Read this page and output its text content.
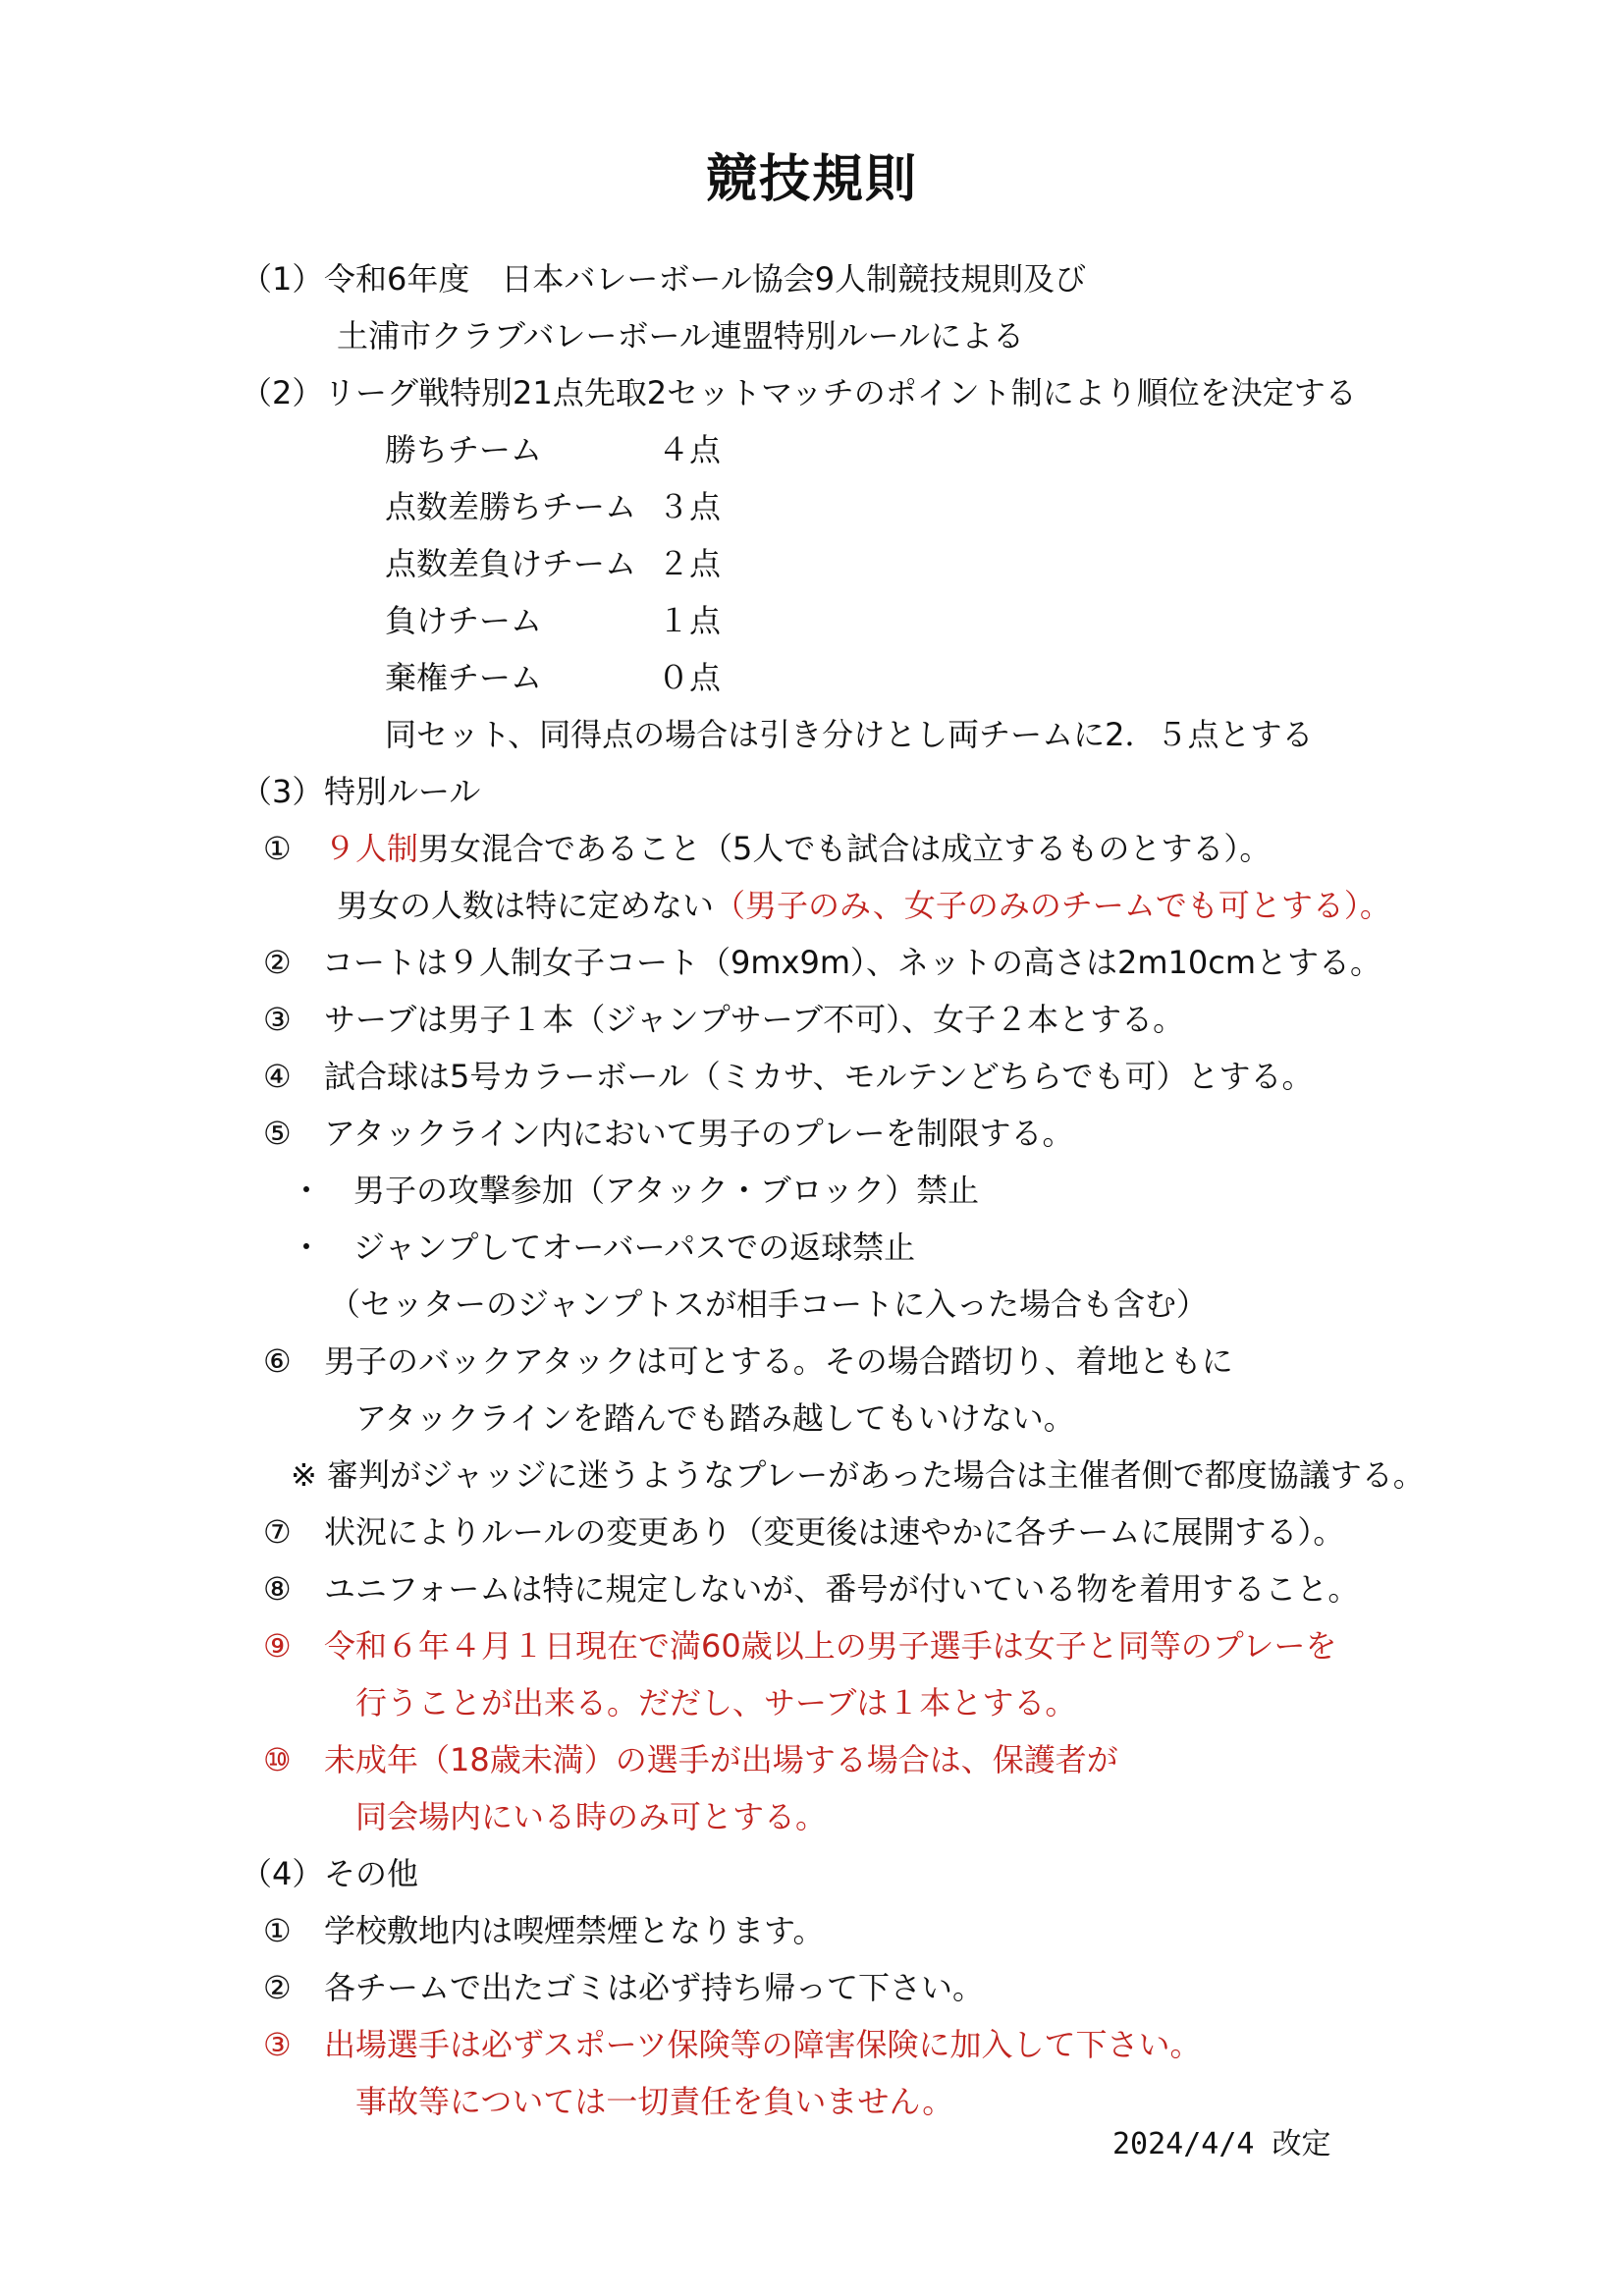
競技規則
（1） 令和6年度　日本バレーボール協会9人制競技規則及び
土浦市クラブバレーボール連盟特別ルールによる
（2） リーグ戦特別21点先取2セットマッチのポイント制により順位を決定する
勝ちチーム	４点
点数差勝ちチーム ３点
点数差負けチーム ２点
負けチーム	１点
棄権チーム	０点
同セット、同得点の場合は引き分けとし両チームに2．５点とする
（3） 特別ルール
① ９人制男女混合であること（5人でも試合は成立するものとする）。
男女の人数は特に定めない（男子のみ、女子のみのチームでも可とする）。
② コートは９人制女子コート（9mx9m）、ネットの高さは2m10cmとする。
③ サーブは男子１本（ジャンプサーブ不可）、女子２本とする。
④ 試合球は5号カラーボール（ミカサ、モルテンどちらでも可）とする。
⑤ アタックライン内において男子のプレーを制限する。
・　男子の攻撃参加（アタック・ブロック）禁止
・　ジャンプしてオーバーパスでの返球禁止
（セッターのジャンプトスが相手コートに入った場合も含む）
⑥ 男子のバックアタックは可とする。その場合踏切り、着地ともに
アタックラインを踏んでも踏み越してもいけない。
※ 審判がジャッジに迷うようなプレーがあった場合は主催者側で都度協議する。
⑦ 状況によりルールの変更あり（変更後は速やかに各チームに展開する）。
⑧ ユニフォームは特に規定しないが、番号が付いている物を着用すること。
⑨ 令和６年４月１日現在で満60歳以上の男子選手は女子と同等のプレーを
行うことが出来る。だだし、サーブは１本とする。
⑩ 未成年（18歳未満）の選手が出場する場合は、保護者が
同会場内にいる時のみ可とする。
（4） その他
① 学校敷地内は喫煙禁煙となります。
② 各チームで出たゴミは必ず持ち帰って下さい。
③ 出場選手は必ずスポーツ保険等の障害保険に加入して下さい。
事故等については一切責任を負いません。
2024/4/4 改定
